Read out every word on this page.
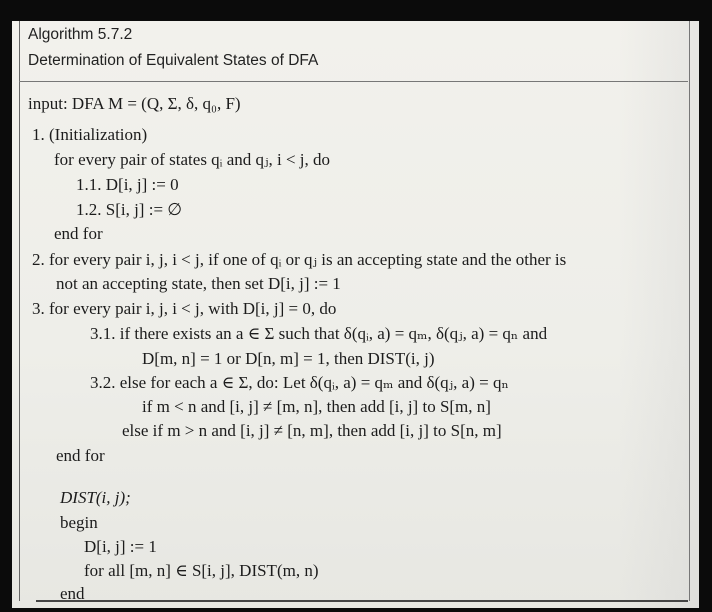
Algorithm 5.7.2
Determination of Equivalent States of DFA
input: DFA M = (Q, Σ, δ, q₀, F)
1. (Initialization)
for every pair of states qᵢ and qⱼ, i < j, do
1.1. D[i, j] := 0
1.2. S[i, j] := ∅
end for
2. for every pair i, j, i < j, if one of qᵢ or qⱼ is an accepting state and the other is
not an accepting state, then set D[i, j] := 1
3. for every pair i, j, i < j, with D[i, j] = 0, do
3.1. if there exists an a ∈ Σ such that δ(qᵢ, a) = qₘ, δ(qⱼ, a) = qₙ and
D[m, n] = 1 or D[n, m] = 1, then DIST(i, j)
3.2. else for each a ∈ Σ, do: Let δ(qᵢ, a) = qₘ and δ(qⱼ, a) = qₙ
if m < n and [i, j] ≠ [m, n], then add [i, j] to S[m, n]
else if m > n and [i, j] ≠ [n, m], then add [i, j] to S[n, m]
end for
DIST(i, j);
begin
D[i, j] := 1
for all [m, n] ∈ S[i, j], DIST(m, n)
end
